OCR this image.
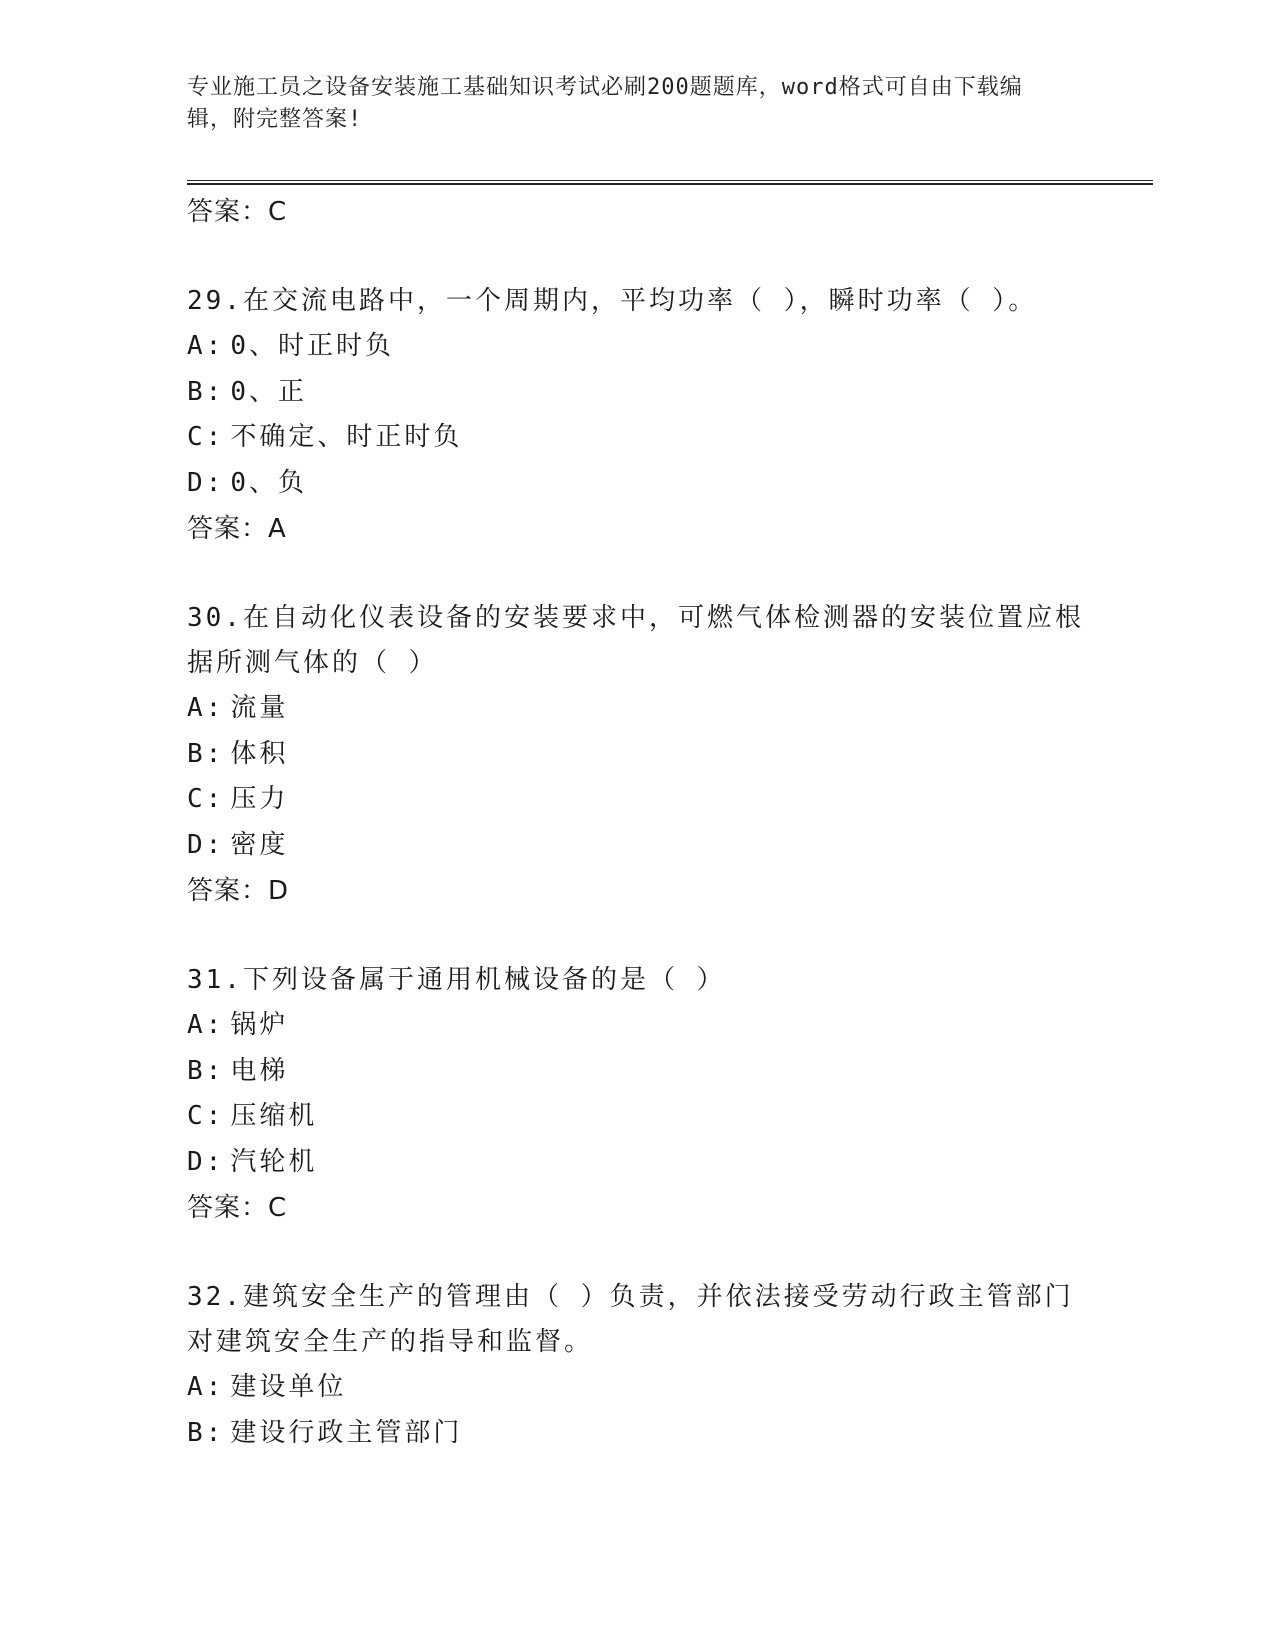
专业施工员之设备安装施工基础知识考试必刷200题题库，word格式可自由下载编辑，附完整答案!
答案：C
29.在交流电路中，一个周期内，平均功率（ ），瞬时功率（ ）。
A: 0、时正时负
B: 0、正
C: 不确定、时正时负
D: 0、负
答案：A
30.在自动化仪表设备的安装要求中，可燃气体检测器的安装位置应根据所测气体的（ ）
A: 流量
B: 体积
C: 压力
D: 密度
答案：D
31.下列设备属于通用机械设备的是（ ）
A: 锅炉
B: 电梯
C: 压缩机
D: 汽轮机
答案：C
32.建筑安全生产的管理由（ ）负责，并依法接受劳动行政主管部门对建筑安全生产的指导和监督。
A: 建设单位
B: 建设行政主管部门
